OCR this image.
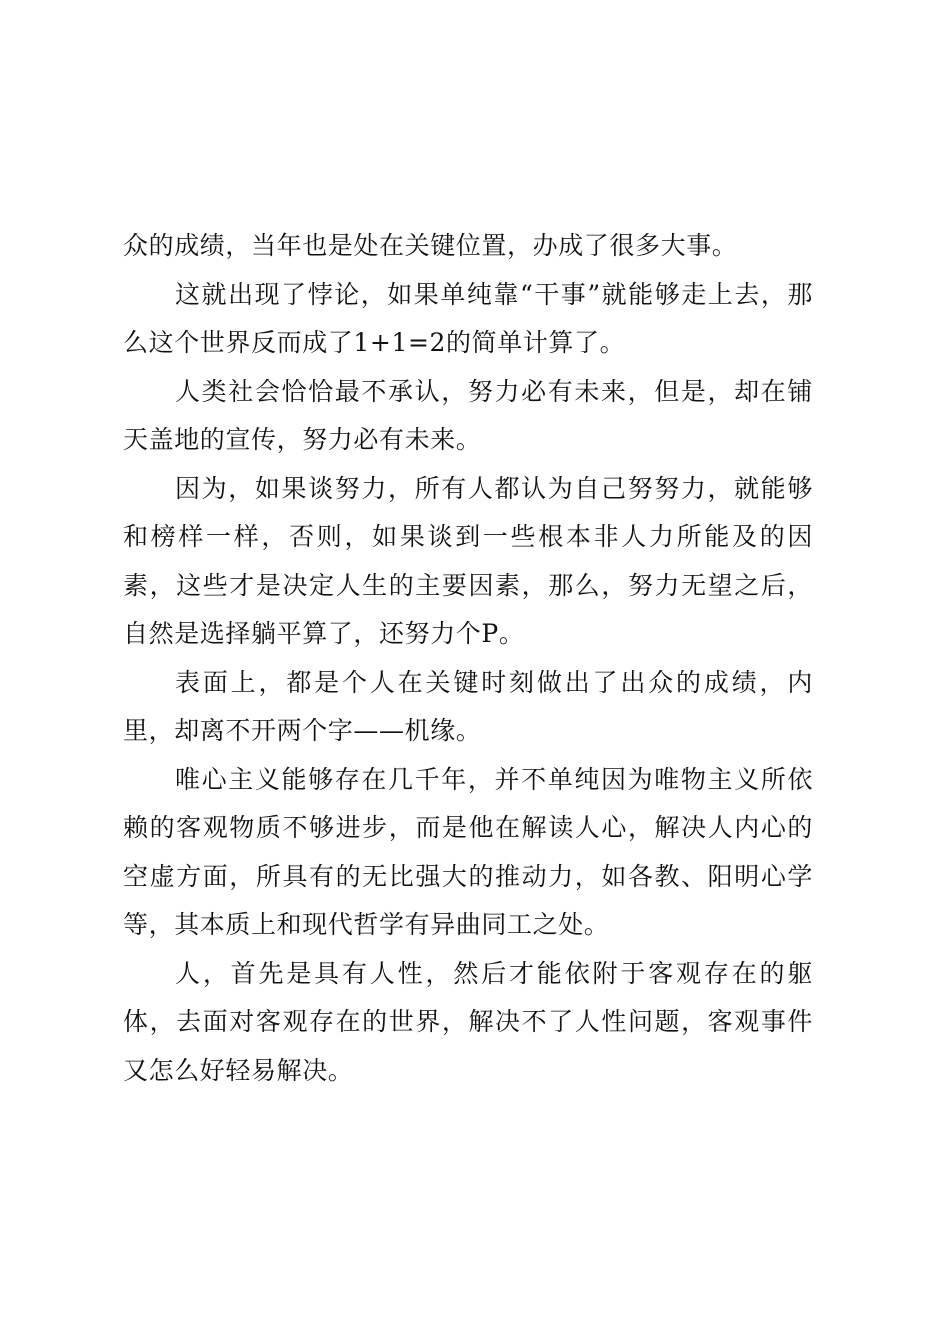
众的成绩，当年也是处在关键位置，办成了很多大事。

这就出现了悖论，如果单纯靠“干事”就能够走上去，那么这个世界反而成了1+1=2的简单计算了。

人类社会恰恰最不承认，努力必有未来，但是，却在铺天盖地的宣传，努力必有未来。

因为，如果谈努力，所有人都认为自己努努力，就能够和榜样一样，否则，如果谈到一些根本非人力所能及的因素，这些才是决定人生的主要因素，那么，努力无望之后，自然是选择躺平算了，还努力个P。

表面上，都是个人在关键时刻做出了出众的成绩，内里，却离不开两个字——机缘。

唯心主义能够存在几千年，并不单纯因为唯物主义所依赖的客观物质不够进步，而是他在解读人心，解决人内心的空虚方面，所具有的无比强大的推动力，如各教、阳明心学等，其本质上和现代哲学有异曲同工之处。

人，首先是具有人性，然后才能依附于客观存在的躯体，去面对客观存在的世界，解决不了人性问题，客观事件又怎么好轻易解决。
